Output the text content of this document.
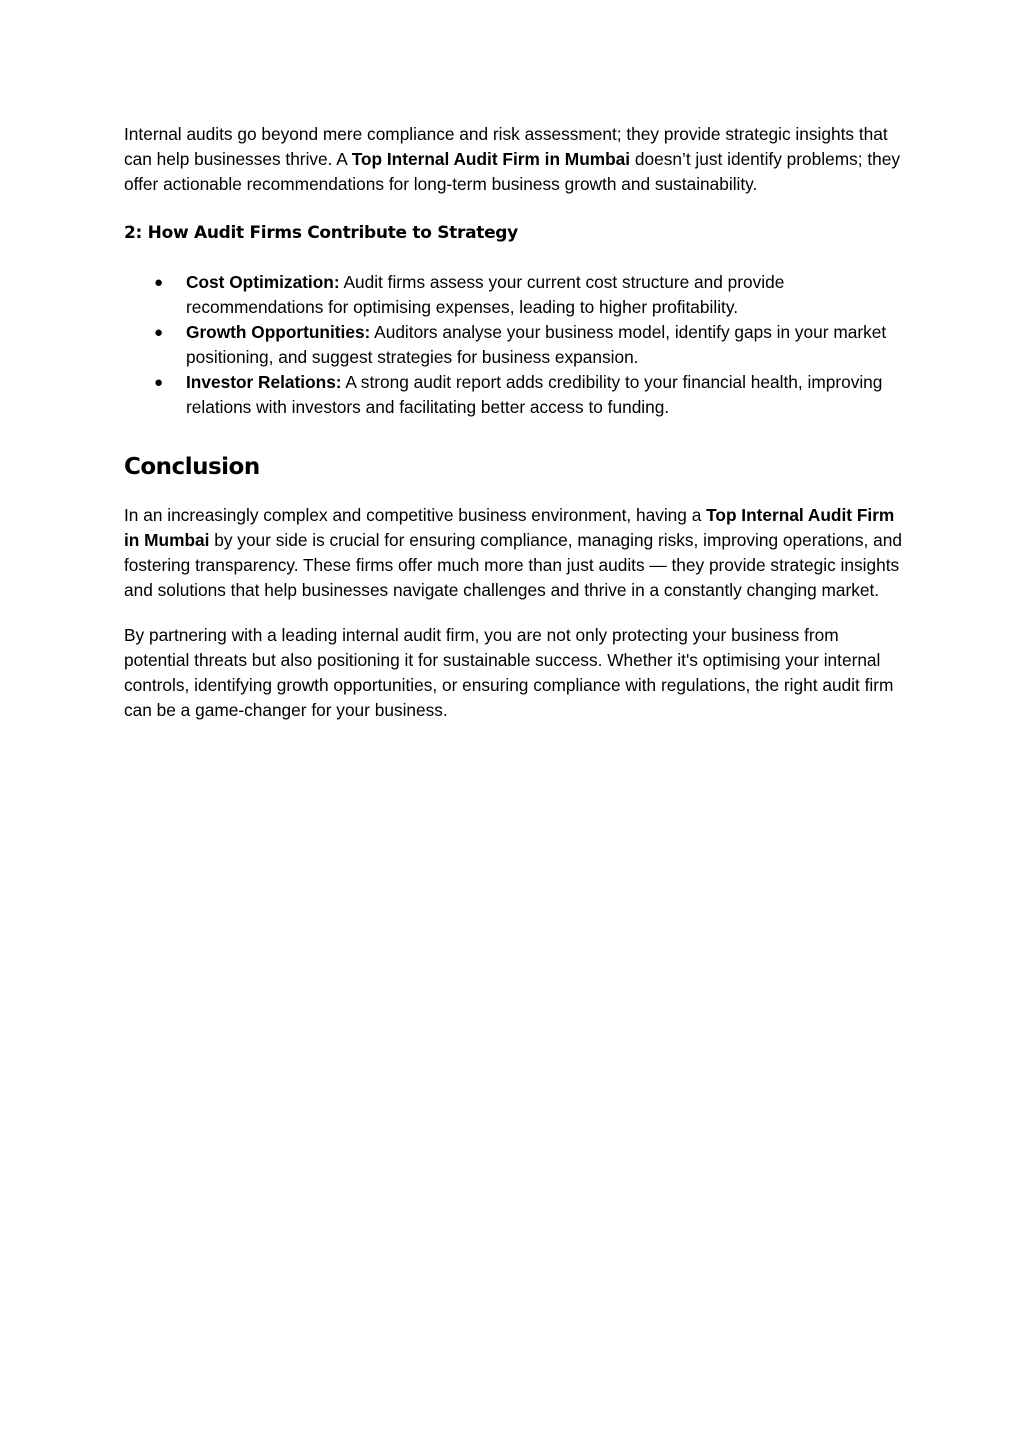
Internal audits go beyond mere compliance and risk assessment; they provide strategic insights that can help businesses thrive. A Top Internal Audit Firm in Mumbai doesn’t just identify problems; they offer actionable recommendations for long-term business growth and sustainability.

2: How Audit Firms Contribute to Strategy
● Cost Optimization: Audit firms assess your current cost structure and provide recommendations for optimising expenses, leading to higher profitability.
● Growth Opportunities: Auditors analyse your business model, identify gaps in your market positioning, and suggest strategies for business expansion.
● Investor Relations: A strong audit report adds credibility to your financial health, improving relations with investors and facilitating better access to funding.
Conclusion

In an increasingly complex and competitive business environment, having a Top Internal Audit Firm in Mumbai by your side is crucial for ensuring compliance, managing risks, improving operations, and fostering transparency. These firms offer much more than just audits — they provide strategic insights and solutions that help businesses navigate challenges and thrive in a constantly changing market.

By partnering with a leading internal audit firm, you are not only protecting your business from potential threats but also positioning it for sustainable success. Whether it's optimising your internal controls, identifying growth opportunities, or ensuring compliance with regulations, the right audit firm can be a game-changer for your business.
